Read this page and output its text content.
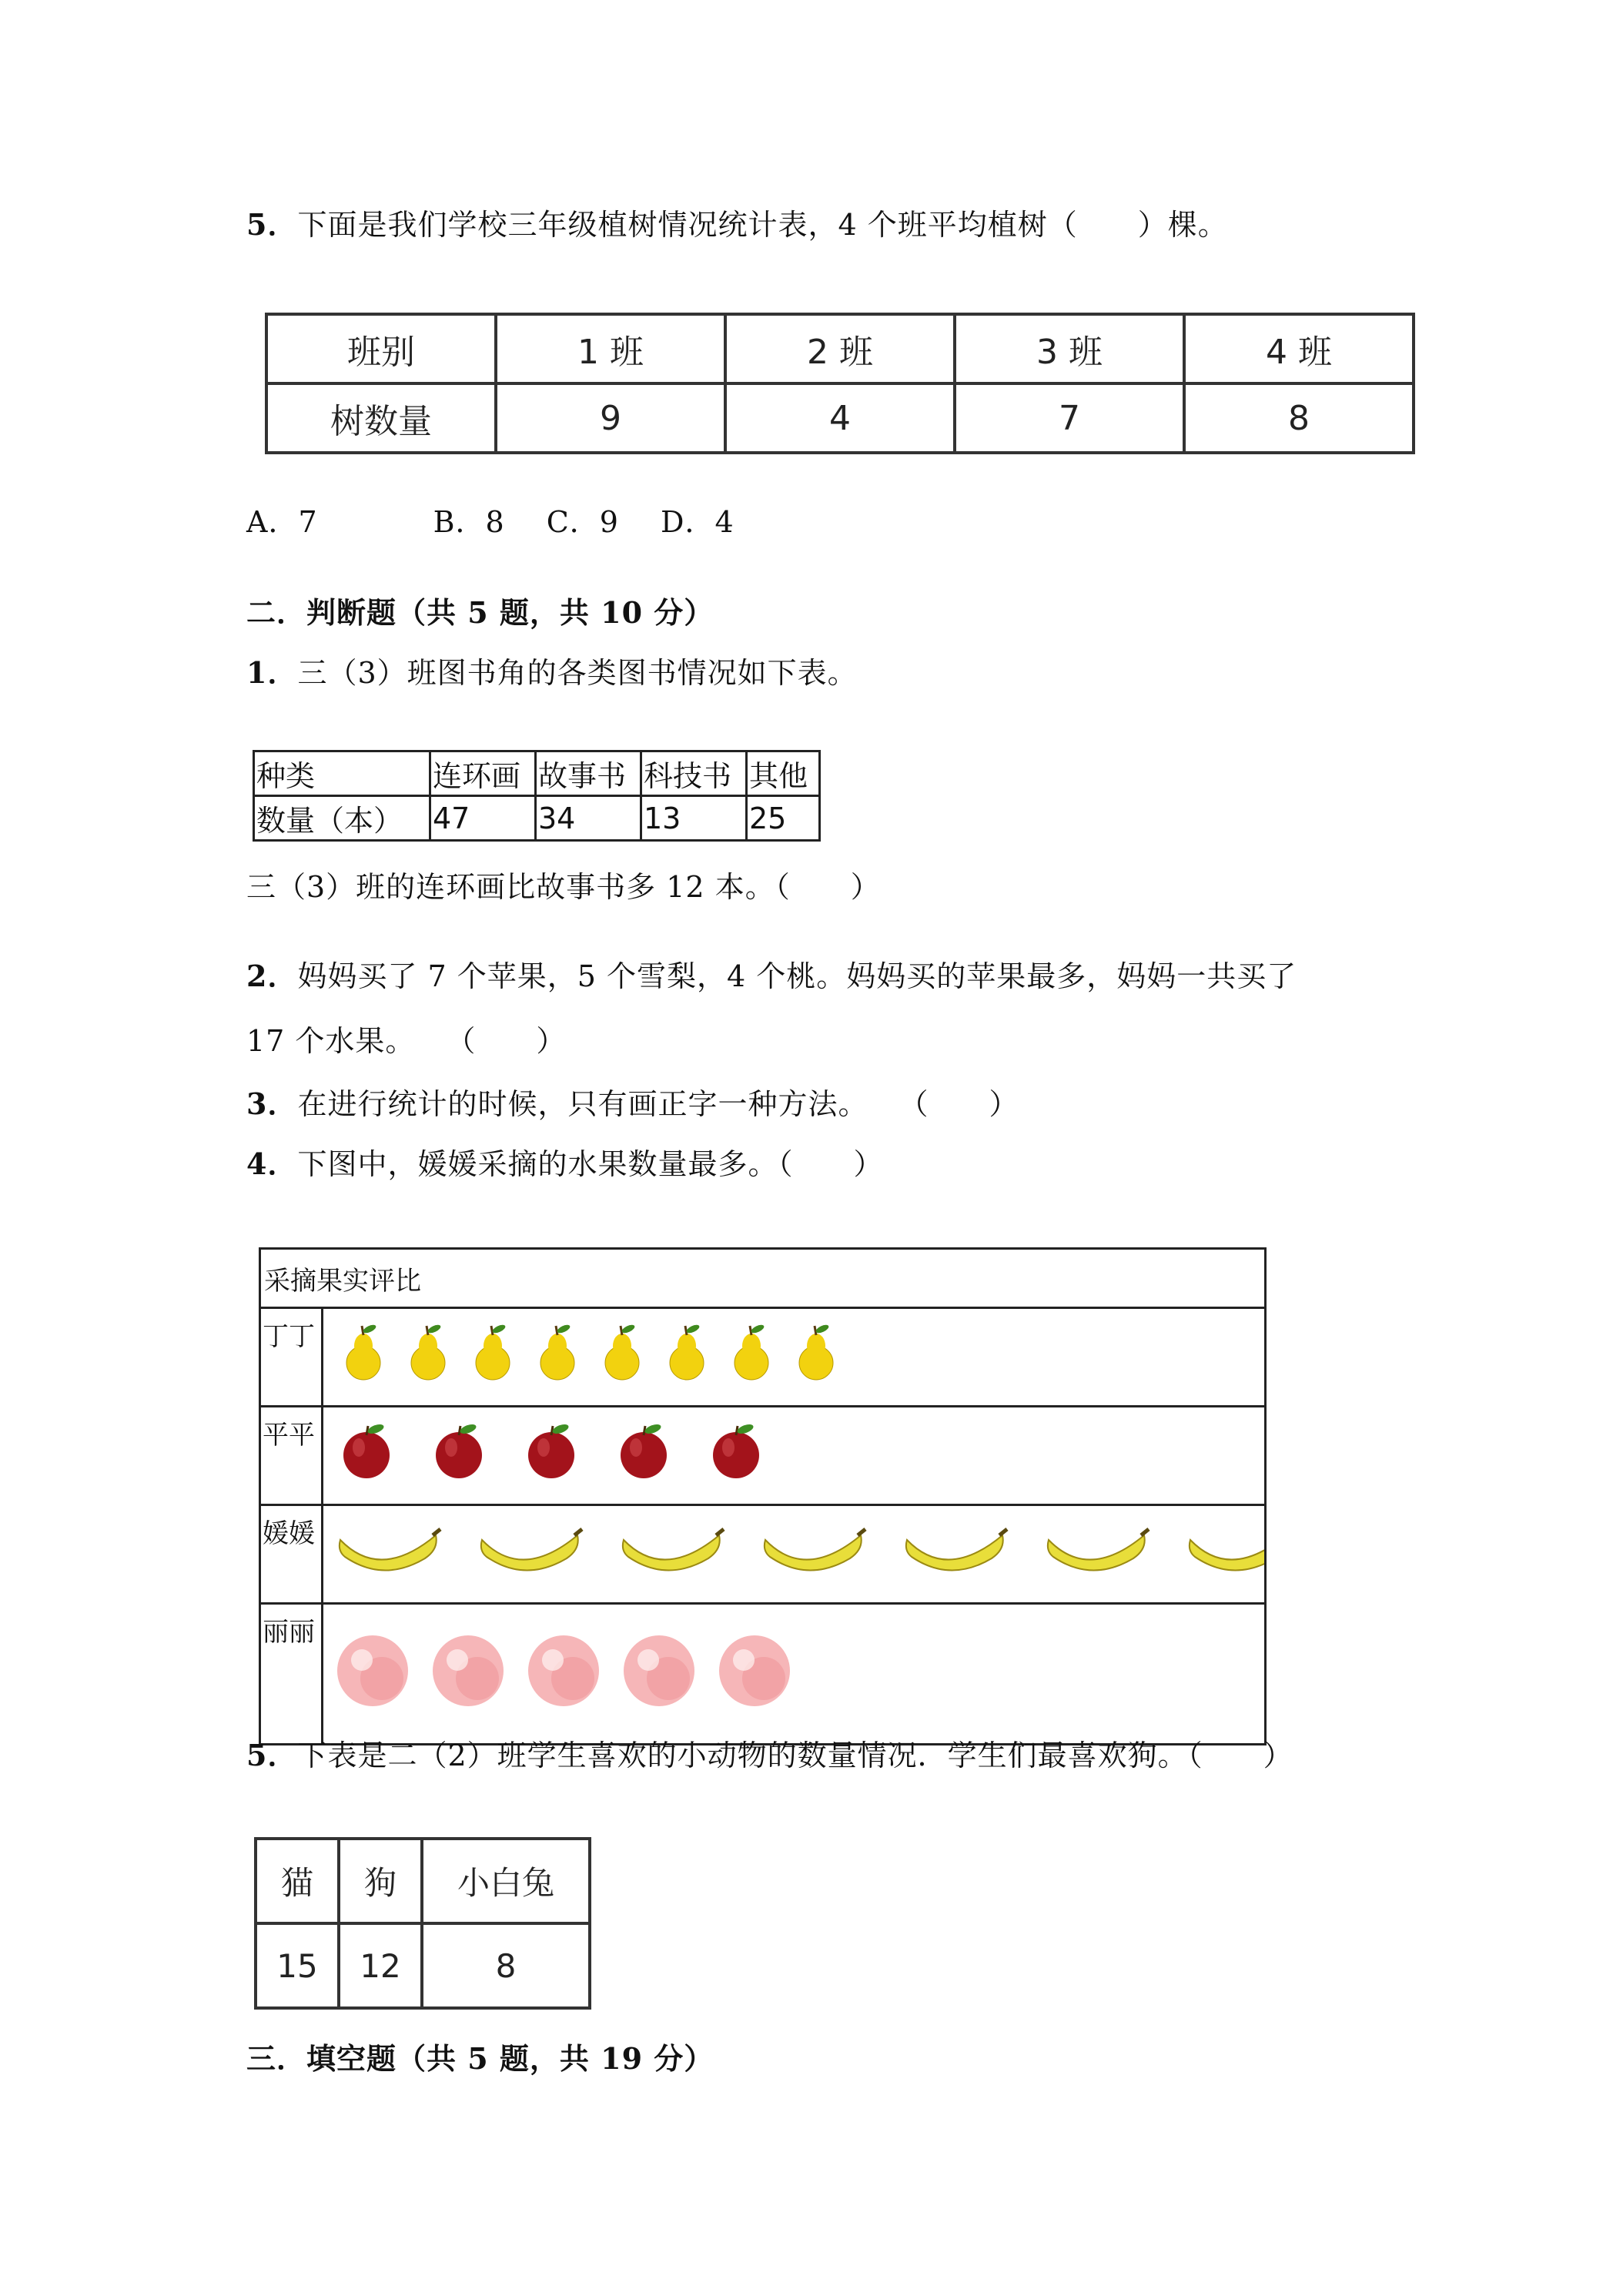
5．下面是我们学校三年级植树情况统计表，4 个班平均植树（　　）棵。
班别	1 班	2 班	3 班	4 班
树数量	9	4	7	8
A．7	B．8 C．9 D．4
二．判断题（共 5 题，共 10 分）
1．三（3）班图书角的各类图书情况如下表。
种类	连环画	故事书	科技书	其他
数量（本）	47	34	13	25
三（3）班的连环画比故事书多 12 本。（　　）
2．妈妈买了 7 个苹果，5 个雪梨，4 个桃。妈妈买的苹果最多，妈妈一共买了
17 个水果。　　（　　）
3．在进行统计的时候，只有画正字一种方法。　　（　　）
4．下图中，媛媛采摘的水果数量最多。（　　）
采摘果实评比	
丁丁	

平平	

媛媛	

丽丽	
5．下表是二（2）班学生喜欢的小动物的数量情况．学生们最喜欢狗。（　　）
猫	狗	小白兔
15	12	8
三．填空题（共 5 题，共 19 分）
